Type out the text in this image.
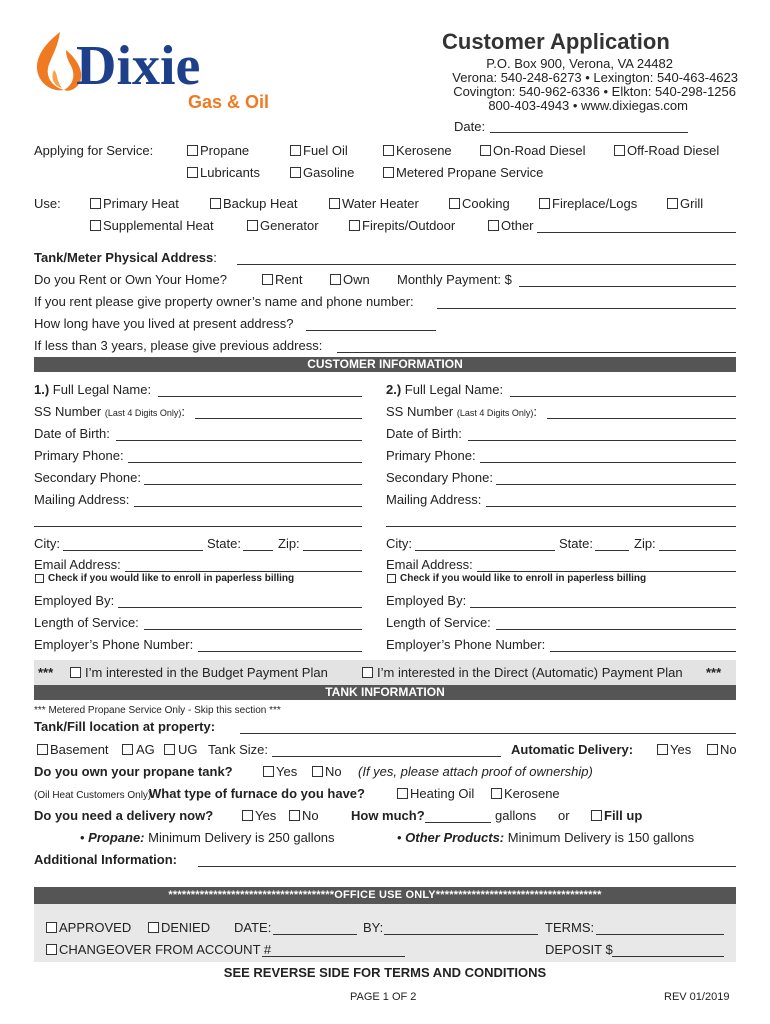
Dixie
Gas & Oil
Customer Application
P.O. Box 900, Verona, VA 24482
Verona: 540-248-6273 • Lexington: 540-463-4623
Covington: 540-962-6336 • Elkton: 540-298-1256
800-403-4943 • www.dixiegas.com
Date:
Applying for Service:	Propane	Fuel Oil	Kerosene	On-Road Diesel	Off-Road Diesel
Lubricants	Gasoline	Metered Propane Service
Use:	Primary Heat	Backup Heat	Water Heater	Cooking	Fireplace/Logs	Grill
Supplemental Heat	Generator	Firepits/Outdoor	Other
Tank/Meter Physical Address:
Do you Rent or Own Your Home?	Rent	Own Monthly Payment: $
If you rent please give property owner’s name and phone number:
How long have you lived at present address?
If less than 3 years, please give previous address:
CUSTOMER INFORMATION
1.) Full Legal Name:
SS Number (Last 4 Digits Only):
Date of Birth:
Primary Phone:
Secondary Phone:
Mailing Address:
City:	State:	Zip:
Email Address:
Check if you would like to enroll in paperless billing
Employed By:
Length of Service:
Employer’s Phone Number:
2.) Full Legal Name:
SS Number (Last 4 Digits Only):
Date of Birth:
Primary Phone:
Secondary Phone:
Mailing Address:
City:	State:	Zip:
Email Address:
Check if you would like to enroll in paperless billing
Employed By:
Length of Service:
Employer’s Phone Number:
*** I’m interested in the Budget Payment Plan	I’m interested in the Direct (Automatic) Payment Plan ***
TANK INFORMATION
*** Metered Propane Service Only - Skip this section ***
Tank/Fill location at property:
Basement AG UG Tank Size:	Automatic Delivery:	Yes No
Do you own your propane tank?	Yes No (If yes, please attach proof of ownership)
(Oil Heat Customers Only)
What type of furnace do you have?	Heating Oil Kerosene
Do you need a delivery now?	Yes No How much?	gallons or	Fill up
• Propane: Minimum Delivery is 250 gallons	• Other Products: Minimum Delivery is 150 gallons
Additional Information:
*************************************OFFICE USE ONLY*************************************
APPROVED DENIED DATE:	BY:	TERMS:
CHANGEOVER FROM ACCOUNT #	DEPOSIT $
SEE REVERSE SIDE FOR TERMS AND CONDITIONS
PAGE 1 OF 2	REV 01/2019
